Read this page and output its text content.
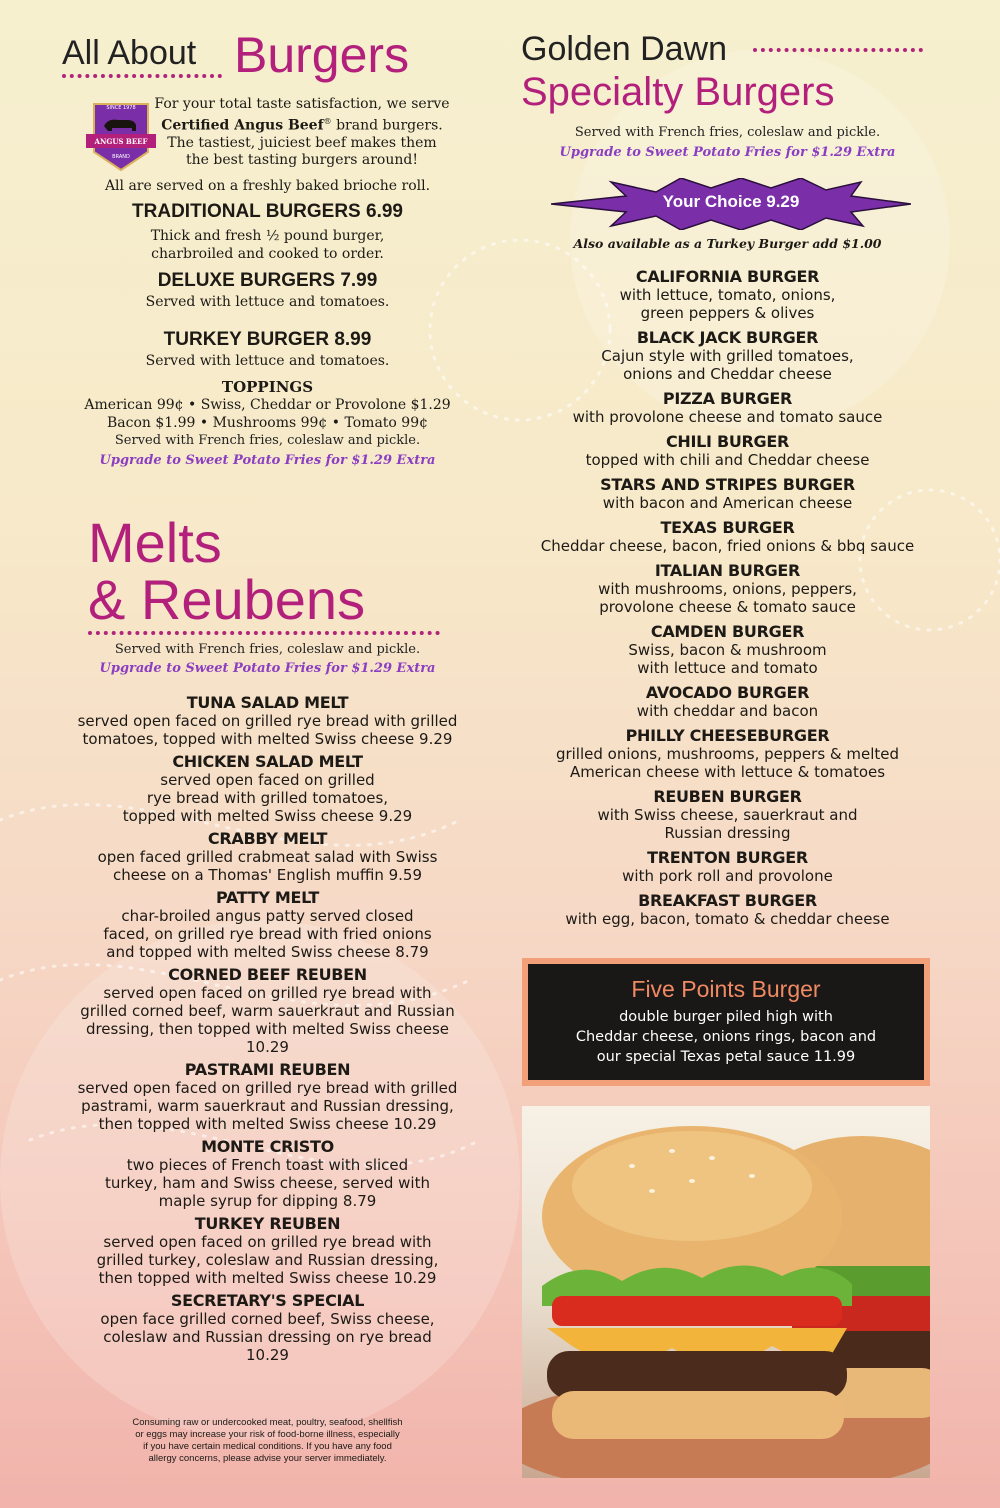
All About Burgers
SINCE 1978
ANGUS BEEF
BRAND
For your total taste satisfaction, we serve
Certified Angus Beef® brand burgers.
The tastiest, juiciest beef makes them
the best tasting burgers around!
All are served on a freshly baked brioche roll.
TRADITIONAL BURGERS 6.99
Thick and fresh ½ pound burger,
charbroiled and cooked to order.
DELUXE BURGERS 7.99
Served with lettuce and tomatoes.
TURKEY BURGER 8.99
Served with lettuce and tomatoes.
TOPPINGS
American 99¢ • Swiss, Cheddar or Provolone $1.29
Bacon $1.99 • Mushrooms 99¢ • Tomato 99¢
Served with French fries, coleslaw and pickle.
Upgrade to Sweet Potato Fries for $1.29 Extra
Melts
& Reubens
Served with French fries, coleslaw and pickle.
Upgrade to Sweet Potato Fries for $1.29 Extra
TUNA SALAD MELT
served open faced on grilled rye bread with grilled
tomatoes, topped with melted Swiss cheese 9.29
CHICKEN SALAD MELT
served open faced on grilled
rye bread with grilled tomatoes,
topped with melted Swiss cheese 9.29
CRABBY MELT
open faced grilled crabmeat salad with Swiss
cheese on a Thomas' English muffin 9.59
PATTY MELT
char-broiled angus patty served closed
faced, on grilled rye bread with fried onions
and topped with melted Swiss cheese 8.79
CORNED BEEF REUBEN
served open faced on grilled rye bread with
grilled corned beef, warm sauerkraut and Russian
dressing, then topped with melted Swiss cheese
10.29
PASTRAMI REUBEN
served open faced on grilled rye bread with grilled
pastrami, warm sauerkraut and Russian dressing,
then topped with melted Swiss cheese 10.29
MONTE CRISTO
two pieces of French toast with sliced
turkey, ham and Swiss cheese, served with
maple syrup for dipping 8.79
TURKEY REUBEN
served open faced on grilled rye bread with
grilled turkey, coleslaw and Russian dressing,
then topped with melted Swiss cheese 10.29
SECRETARY'S SPECIAL
open face grilled corned beef, Swiss cheese,
coleslaw and Russian dressing on rye bread
10.29
Consuming raw or undercooked meat, poultry, seafood, shellfish
or eggs may increase your risk of food-borne illness, especially
if you have certain medical conditions. If you have any food
allergy concerns, please advise your server immediately.
Golden Dawn
Specialty Burgers
Served with French fries, coleslaw and pickle.
Upgrade to Sweet Potato Fries for $1.29 Extra
Your Choice 9.29
Also available as a Turkey Burger add $1.00
CALIFORNIA BURGER
with lettuce, tomato, onions,
green peppers & olives
BLACK JACK BURGER
Cajun style with grilled tomatoes,
onions and Cheddar cheese
PIZZA BURGER
with provolone cheese and tomato sauce
CHILI BURGER
topped with chili and Cheddar cheese
STARS AND STRIPES BURGER
with bacon and American cheese
TEXAS BURGER
Cheddar cheese, bacon, fried onions & bbq sauce
ITALIAN BURGER
with mushrooms, onions, peppers,
provolone cheese & tomato sauce
CAMDEN BURGER
Swiss, bacon & mushroom
with lettuce and tomato
AVOCADO BURGER
with cheddar and bacon
PHILLY CHEESEBURGER
grilled onions, mushrooms, peppers & melted
American cheese with lettuce & tomatoes
REUBEN BURGER
with Swiss cheese, sauerkraut and
Russian dressing
TRENTON BURGER
with pork roll and provolone
BREAKFAST BURGER
with egg, bacon, tomato & cheddar cheese
Five Points Burger
double burger piled high with
Cheddar cheese, onions rings, bacon and
our special Texas petal sauce 11.99
